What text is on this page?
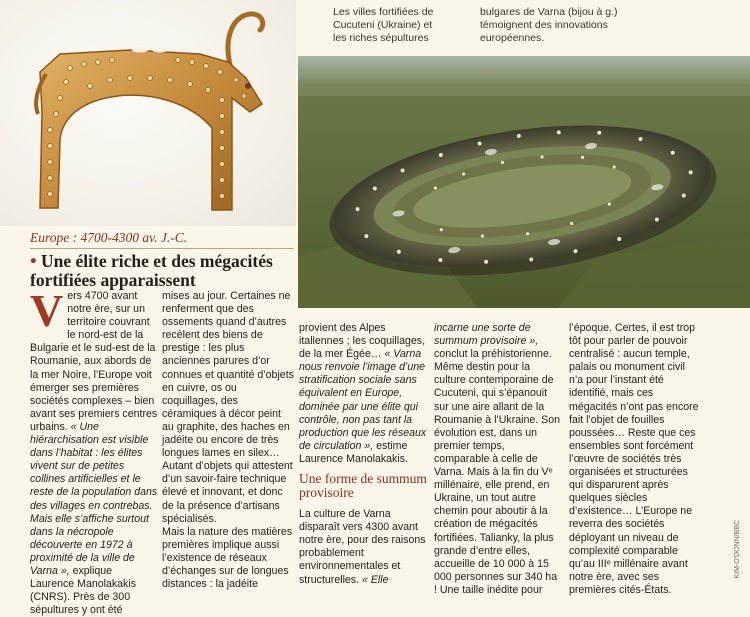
Les villes fortifiées de Cucuteni (Ukraine) et les riches sépultures
bulgares de Varna (bijou à g.) témoignent des innovations européennes.
Europe : 4700-4300 av. J.-C.
• Une élite riche et des mégacités fortifiées apparaissent
Vers 4700 avant notre ère, sur un territoire couvrant le nord-est de la Bulgarie et le sud-est de la Roumanie, aux abords de la mer Noire, l’Europe voit émerger ses premières sociétés complexes – bien avant ses premiers centres urbains. « Une hiérarchisation est visible dans l’habitat : les élites vivent sur de petites collines artificielles et le reste de la population dans des villages en contrebas. Mais elle s’affiche surtout dans la nécropole découverte en 1972 à proximité de la ville de Varna », explique Laurence Manolakakis (CNRS). Près de 300 sépultures y ont été

mises au jour. Certaines ne renferment que des ossements quand d’autres recèlent des biens de prestige : les plus anciennes parures d’or connues et quantité d’objets en cuivre, os ou coquillages, des céramiques à décor peint au graphite, des haches en jadéite ou encore de très longues lames en silex… Autant d’objets qui attestent d’un savoir-faire technique élevé et innovant, et donc de la présence d’artisans spécialisés.

Mais la nature des matières premières implique aussi l’existence de réseaux d’échanges sur de longues distances : la jadéite

provient des Alpes italiennes ; les coquillages, de la mer Égée… « Varna nous renvoie l’image d’une stratification sociale sans équivalent en Europe, dominée par une élite qui contrôle, non pas tant la production que les réseaux de circulation », estime Laurence Manolakakis.

Une forme de summum provisoire

La culture de Varna disparaît vers 4300 avant notre ère, pour des raisons probablement environnementales et structurelles. « Elle

incarne une sorte de summum provisoire », conclut la préhistorienne. Même destin pour la culture contemporaine de Cucuteni, qui s’épanouit sur une aire allant de la Roumanie à l’Ukraine. Son évolution est, dans un premier temps, comparable à celle de Varna. Mais à la fin du Vᵉ millénaire, elle prend, en Ukraine, un tout autre chemin pour aboutir à la création de mégacités fortifiées. Talianky, la plus grande d’entre elles, accueille de 10 000 à 15 000 personnes sur 340 ha ! Une taille inédite pour

l’époque. Certes, il est trop tôt pour parler de pouvoir centralisé : aucun temple, palais ou monument civil n’a pour l’instant été identifié, mais ces mégacités n’ont pas encore fait l’objet de fouilles poussées… Reste que ces ensembles sont forcément l’œuvre de sociétés très organisées et structurées qui disparurent après quelques siècles d’existence… L’Europe ne reverra des sociétés déployant un niveau de complexité comparable qu’au IIIᵉ millénaire avant notre ère, avec ses premières cités-États.

KIM-O'DONN/BBC
